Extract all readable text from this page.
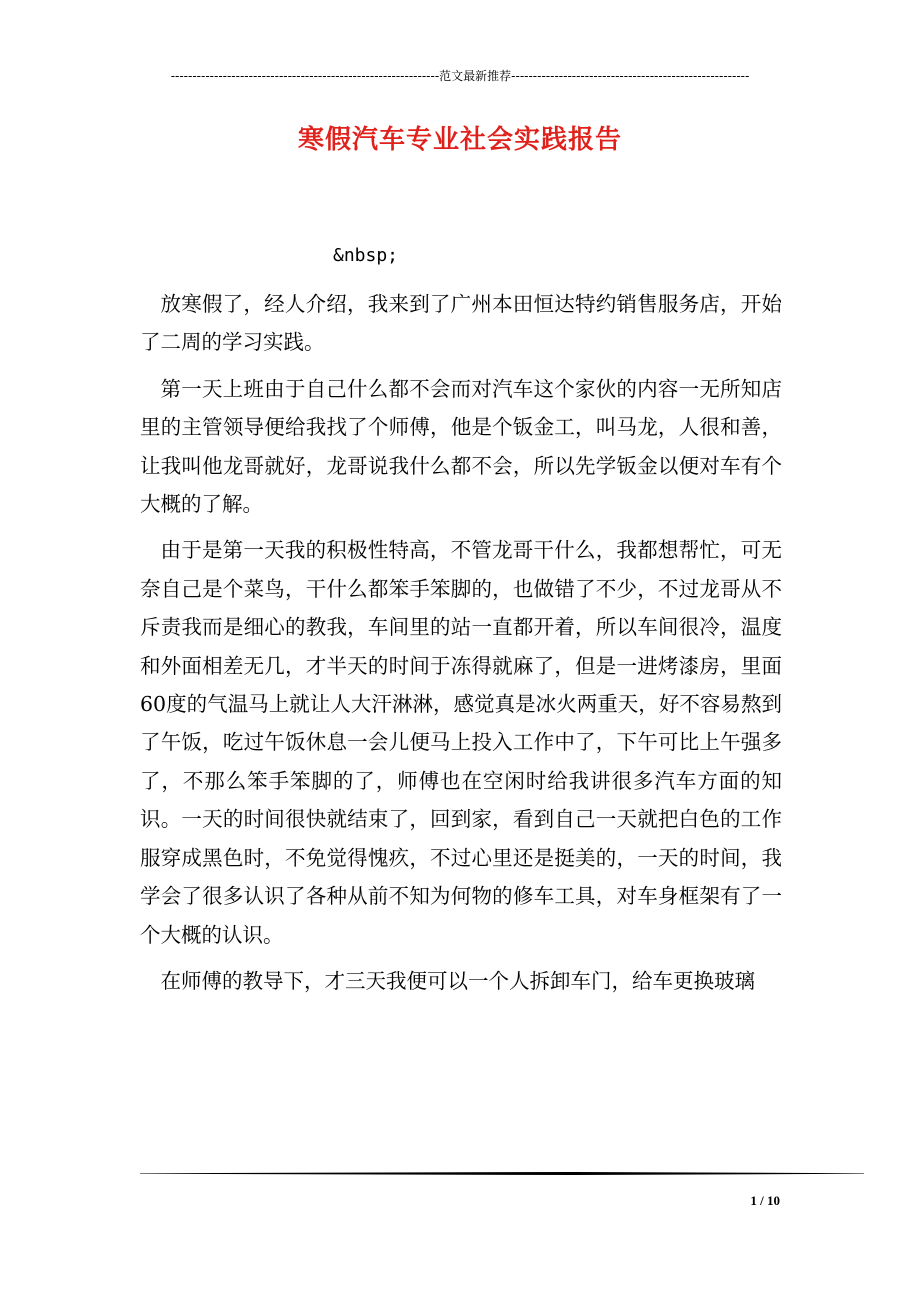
--------------------------------------------------------------范文最新推荐-------------------------------------------------------
寒假汽车专业社会实践报告
&nbsp;

放寒假了，经人介绍，我来到了广州本田恒达特约销售服务店，开始了二周的学习实践。

第一天上班由于自己什么都不会而对汽车这个家伙的内容一无所知店里的主管领导便给我找了个师傅，他是个钣金工，叫马龙，人很和善，让我叫他龙哥就好，龙哥说我什么都不会，所以先学钣金以便对车有个大概的了解。

由于是第一天我的积极性特高，不管龙哥干什么，我都想帮忙，可无奈自己是个菜鸟，干什么都笨手笨脚的，也做错了不少，不过龙哥从不斥责我而是细心的教我，车间里的站一直都开着，所以车间很冷，温度和外面相差无几，才半天的时间于冻得就麻了，但是一进烤漆房，里面60度的气温马上就让人大汗淋淋，感觉真是冰火两重天，好不容易熬到了午饭，吃过午饭休息一会儿便马上投入工作中了，下午可比上午强多了，不那么笨手笨脚的了，师傅也在空闲时给我讲很多汽车方面的知识。一天的时间很快就结束了，回到家，看到自己一天就把白色的工作服穿成黑色时，不免觉得愧疚，不过心里还是挺美的，一天的时间，我学会了很多认识了各种从前不知为何物的修车工具，对车身框架有了一个大概的认识。

在师傅的教导下，才三天我便可以一个人拆卸车门，给车更换玻璃

1 / 10
